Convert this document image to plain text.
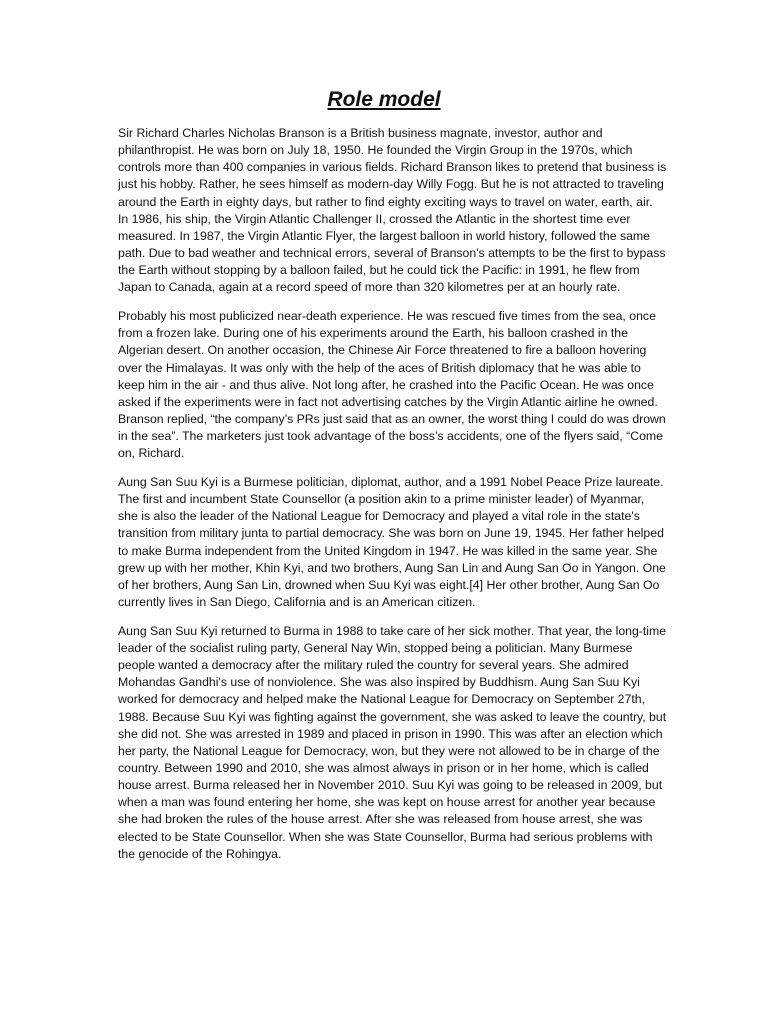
Role model

Sir Richard Charles Nicholas Branson is a British business magnate, investor, author and
philanthropist. He was born on July 18, 1950. He founded the Virgin Group in the 1970s, which
controls more than 400 companies in various fields. Richard Branson likes to pretend that business is
just his hobby. Rather, he sees himself as modern-day Willy Fogg. But he is not attracted to traveling
around the Earth in eighty days, but rather to find eighty exciting ways to travel on water, earth, air.
In 1986, his ship, the Virgin Atlantic Challenger II, crossed the Atlantic in the shortest time ever
measured. In 1987, the Virgin Atlantic Flyer, the largest balloon in world history, followed the same
path. Due to bad weather and technical errors, several of Branson's attempts to be the first to bypass
the Earth without stopping by a balloon failed, but he could tick the Pacific: in 1991, he flew from
Japan to Canada, again at a record speed of more than 320 kilometres per at an hourly rate.

Probably his most publicized near-death experience. He was rescued five times from the sea, once
from a frozen lake. During one of his experiments around the Earth, his balloon crashed in the
Algerian desert. On another occasion, the Chinese Air Force threatened to fire a balloon hovering
over the Himalayas. It was only with the help of the aces of British diplomacy that he was able to
keep him in the air - and thus alive. Not long after, he crashed into the Pacific Ocean. He was once
asked if the experiments were in fact not advertising catches by the Virgin Atlantic airline he owned.
Branson replied, “the company’s PRs just said that as an owner, the worst thing I could do was drown
in the sea”. The marketers just took advantage of the boss’s accidents, one of the flyers said, “Come
on, Richard.

Aung San Suu Kyi is a Burmese politician, diplomat, author, and a 1991 Nobel Peace Prize laureate.
The first and incumbent State Counsellor (a position akin to a prime minister leader) of Myanmar,
she is also the leader of the National League for Democracy and played a vital role in the state's
transition from military junta to partial democracy. She was born on June 19, 1945. Her father helped
to make Burma independent from the United Kingdom in 1947. He was killed in the same year. She
grew up with her mother, Khin Kyi, and two brothers, Aung San Lin and Aung San Oo in Yangon. One
of her brothers, Aung San Lin, drowned when Suu Kyi was eight.[4] Her other brother, Aung San Oo
currently lives in San Diego, California and is an American citizen.

Aung San Suu Kyi returned to Burma in 1988 to take care of her sick mother. That year, the long-time
leader of the socialist ruling party, General Nay Win, stopped being a politician. Many Burmese
people wanted a democracy after the military ruled the country for several years. She admired
Mohandas Gandhi's use of nonviolence. She was also inspired by Buddhism. Aung San Suu Kyi
worked for democracy and helped make the National League for Democracy on September 27th,
1988. Because Suu Kyi was fighting against the government, she was asked to leave the country, but
she did not. She was arrested in 1989 and placed in prison in 1990. This was after an election which
her party, the National League for Democracy, won, but they were not allowed to be in charge of the
country. Between 1990 and 2010, she was almost always in prison or in her home, which is called
house arrest. Burma released her in November 2010. Suu Kyi was going to be released in 2009, but
when a man was found entering her home, she was kept on house arrest for another year because
she had broken the rules of the house arrest. After she was released from house arrest, she was
elected to be State Counsellor. When she was State Counsellor, Burma had serious problems with
the genocide of the Rohingya.
